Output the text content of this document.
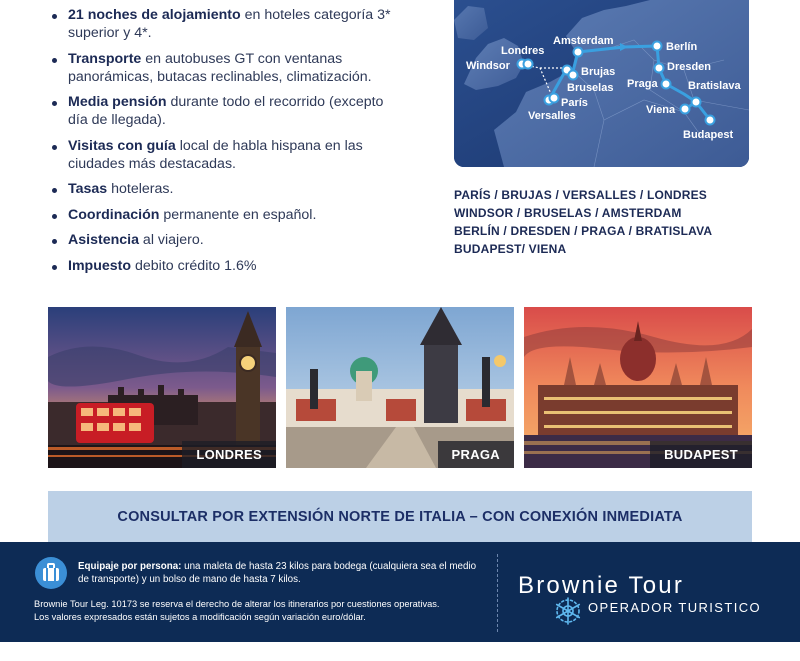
21 noches de alojamiento en hoteles categoría 3* superior y 4*.
Transporte en autobuses GT con ventanas panorámicas, butacas reclinables, climatización.
Media pensión durante todo el recorrido (excepto día de llegada).
Visitas con guía local de habla hispana en las ciudades más destacadas.
Tasas hoteleras.
Coordinación permanente en español.
Asistencia al viajero.
Impuesto debito crédito 1.6%
Amsterdam
Londres
Windsor	Brujas
Bruselas
París
Versalles
Berlín
Dresden
Praga	Bratislava
Viena
Budapest
PARÍS / BRUJAS / VERSALLES / LONDRES
WINDSOR / BRUSELAS / AMSTERDAM
BERLÍN / DRESDEN / PRAGA / BRATISLAVA
BUDAPEST/ VIENA
LONDRES	PRAGA	BUDAPEST
CONSULTAR POR EXTENSIÓN NORTE DE ITALIA – CON CONEXIÓN INMEDIATA
Equipaje por persona: una maleta de hasta 23 kilos para bodega (cualquiera sea el medio de transporte) y un bolso de mano de hasta 7 kilos.
Brownie Tour Leg. 10173 se reserva el derecho de alterar los itinerarios por cuestiones operativas.
Los valores expresados están sujetos a modificación según variación euro/dólar.
Brownie Tour
OPERADOR TURISTICO
